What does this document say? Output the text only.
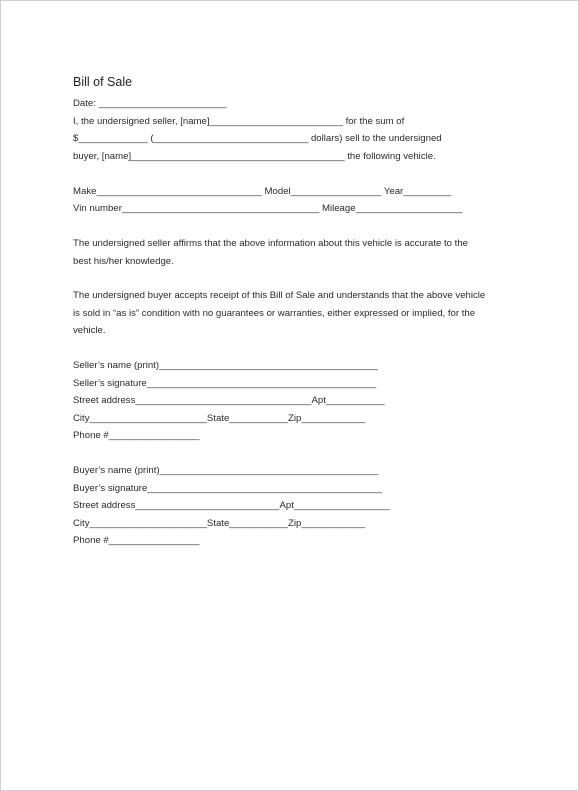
Bill of Sale
Date: ________________________
I, the undersigned seller, [name]_________________________ for the sum of
$_____________ (_____________________________ dollars) sell to the undersigned
buyer, [name]________________________________________ the following vehicle.
Make_______________________________ Model_________________ Year_________
Vin number_____________________________________ Mileage____________________
The undersigned seller affirms that the above information about this vehicle is accurate to the
best his/her knowledge.
The undersigned buyer accepts receipt of this Bill of Sale and understands that the above vehicle
is sold in “as is” condition with no guarantees or warranties, either expressed or implied, for the
vehicle.
Seller’s name (print)_________________________________________
Seller’s signature___________________________________________
Street address_________________________________Apt___________
City______________________State___________Zip____________
Phone #_________________
Buyer’s name (print)_________________________________________
Buyer’s signature____________________________________________
Street address___________________________Apt__________________
City______________________State___________Zip____________
Phone #_________________
